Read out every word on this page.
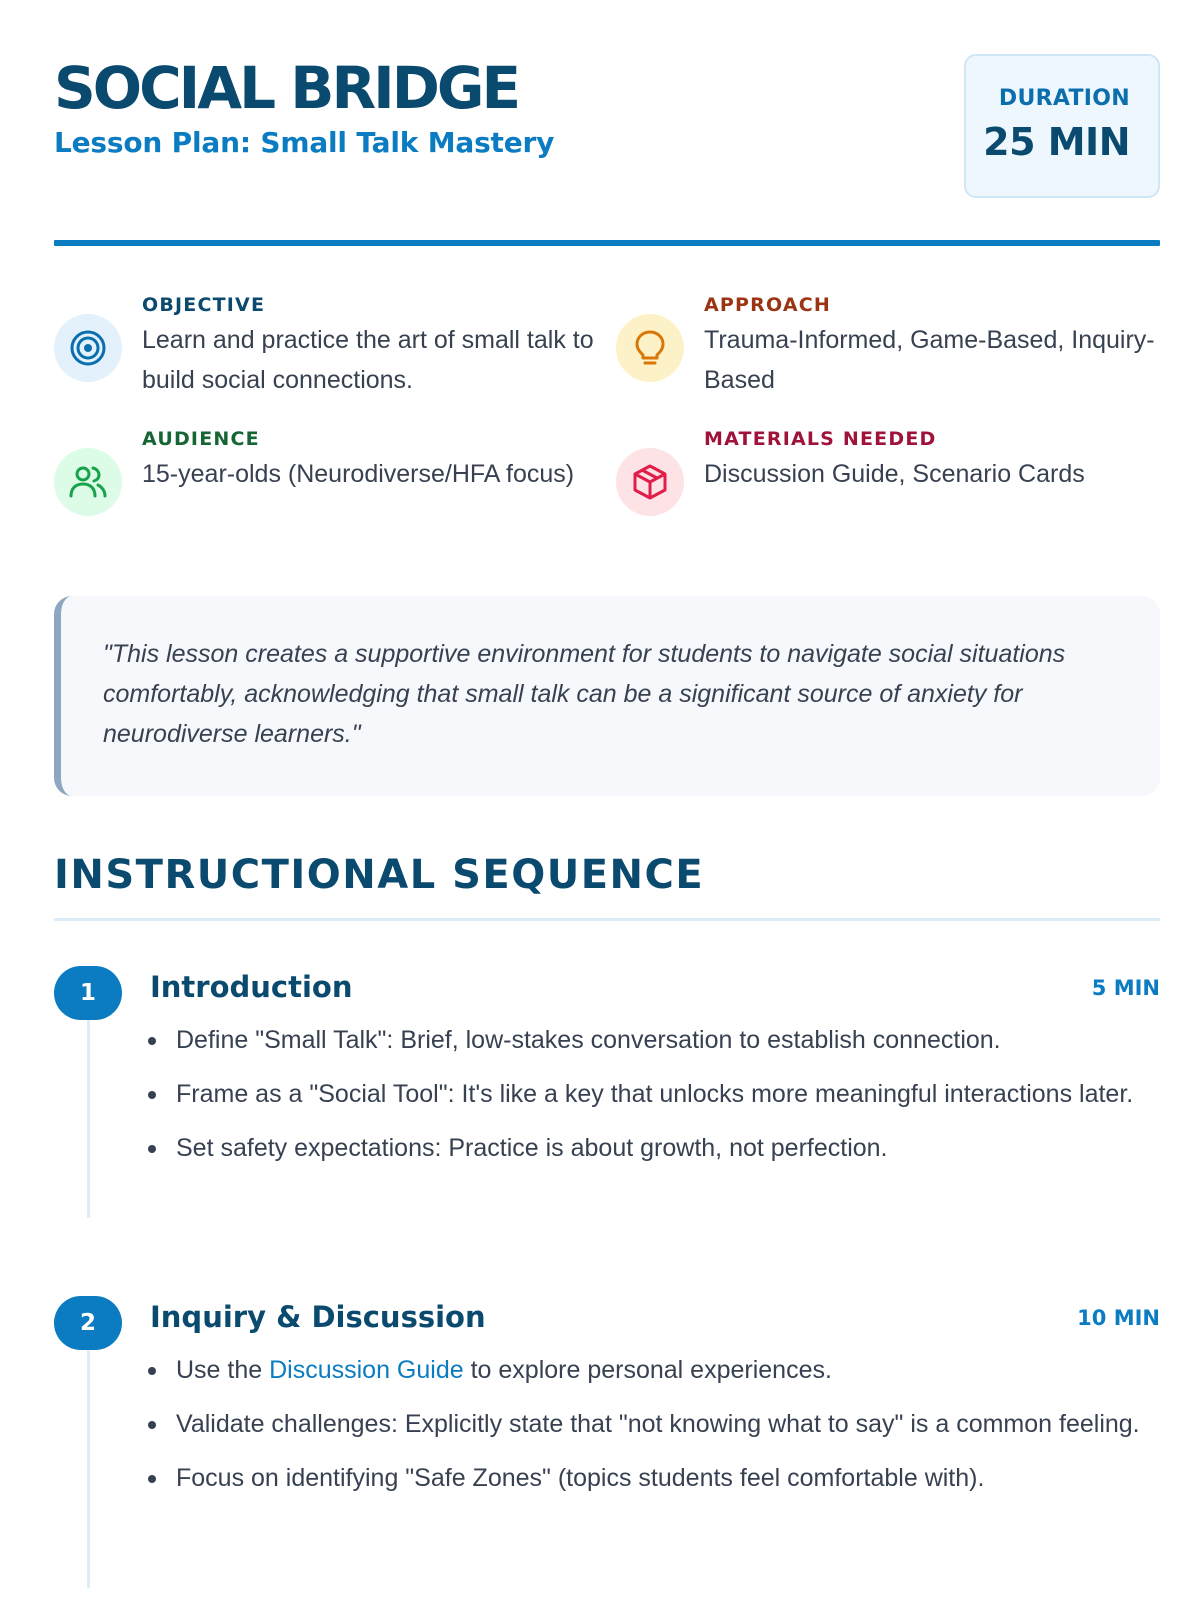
SOCIAL BRIDGE
Lesson Plan: Small Talk Mastery
DURATION
25 MIN
OBJECTIVE
Learn and practice the art of small talk to build social connections.
APPROACH
Trauma-Informed, Game-Based, Inquiry-Based
AUDIENCE
15-year-olds (Neurodiverse/HFA focus)
MATERIALS NEEDED
Discussion Guide, Scenario Cards

"This lesson creates a supportive environment for students to navigate social situations comfortably, acknowledging that small talk can be a significant source of anxiety for neurodiverse learners."

INSTRUCTIONAL SEQUENCE
1	Introduction	5 MIN
Define "Small Talk": Brief, low-stakes conversation to establish connection.
Frame as a "Social Tool": It's like a key that unlocks more meaningful interactions later.
Set safety expectations: Practice is about growth, not perfection.
2	Inquiry & Discussion	10 MIN
Use the Discussion Guide to explore personal experiences.
Validate challenges: Explicitly state that "not knowing what to say" is a common feeling.
Focus on identifying "Safe Zones" (topics students feel comfortable with).
